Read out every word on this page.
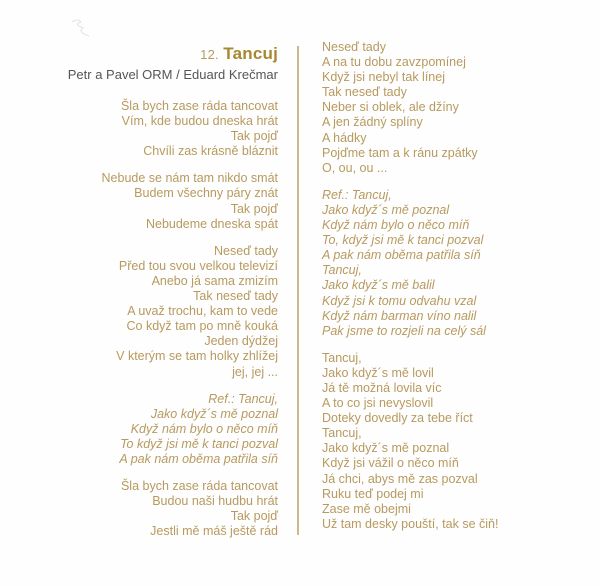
12. Tancuj
Petr a Pavel ORM / Eduard Krečmar
Šla bych zase ráda tancovat
Vím, kde budou dneska hrát
Tak pojď
Chvíli zas krásně bláznit
Nebude se nám tam nikdo smát
Budem všechny páry znát
Tak pojď
Nebudeme dneska spát
Neseď tady
Před tou svou velkou televizí
Anebo já sama zmizím
Tak neseď tady
A uvaž trochu, kam to vede
Co když tam po mně kouká
Jeden dýdžej
V kterým se tam holky zhlížej
jej, jej ...
Ref.: Tancuj,
Jako když´s mě poznal
Když nám bylo o něco míň
To když jsi mě k tanci pozval
A pak nám oběma patřila síň
Šla bych zase ráda tancovat
Budou naši hudbu hrát
Tak pojď
Jestli mě máš ještě rád
Neseď tady
A na tu dobu zavzpomínej
Když jsi nebyl tak línej
Tak neseď tady
Neber si oblek, ale džíny
A jen žádný splíny
A hádky
Pojďme tam a k ránu zpátky
O, ou, ou ...
Ref.: Tancuj,
Jako když´s mě poznal
Když nám bylo o něco míň
To, když jsi mě k tanci pozval
A pak nám oběma patřila síň
Tancuj,
Jako když´s mě balil
Když jsi k tomu odvahu vzal
Když nám barman víno nalil
Pak jsme to rozjeli na celý sál
Tancuj,
Jako když´s mě lovil
Já tě možná lovila víc
A to co jsi nevyslovil
Doteky dovedly za tebe říct
Tancuj,
Jako když´s mě poznal
Když jsi vážil o něco míň
Já chci, abys mě zas pozval
Ruku teď podej mi
Zase mě obejmi
Už tam desky pouští, tak se čiň!
